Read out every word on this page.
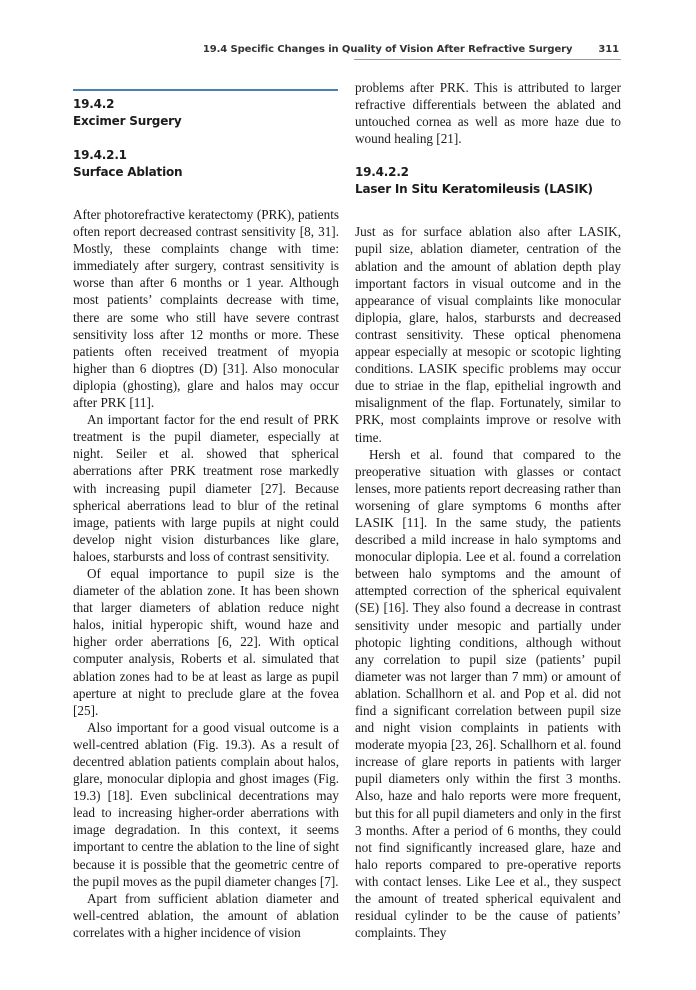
19.4 Specific Changes in Quality of Vision After Refractive Surgery	311
19.4.2
Excimer Surgery
19.4.2.1
Surface Ablation

After photorefractive keratectomy (PRK), patients often report decreased contrast sensitivity [8, 31]. Mostly, these complaints change with time: immediately after surgery, contrast sensitivity is worse than after 6 months or 1 year. Although most patients’ complaints decrease with time, there are some who still have severe contrast sensitivity loss after 12 months or more. These patients often received treatment of myopia higher than 6 dioptres (D) [31]. Also monocular diplopia (ghosting), glare and halos may occur after PRK [11].

An important factor for the end result of PRK treatment is the pupil diameter, especially at night. Seiler et al. showed that spherical aberrations after PRK treatment rose markedly with increasing pupil diameter [27]. Because spherical aberrations lead to blur of the retinal image, patients with large pupils at night could develop night vision disturbances like glare, haloes, starbursts and loss of contrast sensitivity.

Of equal importance to pupil size is the diameter of the ablation zone. It has been shown that larger diameters of ablation reduce night halos, initial hyperopic shift, wound haze and higher order aberrations [6, 22]. With optical computer analysis, Roberts et al. simulated that ablation zones had to be at least as large as pupil aperture at night to preclude glare at the fovea [25].

Also important for a good visual outcome is a well-centred ablation (Fig. 19.3). As a result of decentred ablation patients complain about halos, glare, monocular diplopia and ghost images (Fig. 19.3) [18]. Even subclinical decentrations may lead to increasing higher-order aberrations with image degradation. In this context, it seems important to centre the ablation to the line of sight because it is possible that the geometric centre of the pupil moves as the pupil diameter changes [7].

Apart from sufficient ablation diameter and well-centred ablation, the amount of ablation correlates with a higher incidence of vision

problems after PRK. This is attributed to larger refractive differentials between the ablated and untouched cornea as well as more haze due to wound healing [21].

19.4.2.2
Laser In Situ Keratomileusis (LASIK)

Just as for surface ablation also after LASIK, pupil size, ablation diameter, centration of the ablation and the amount of ablation depth play important factors in visual outcome and in the appearance of visual complaints like monocular diplopia, glare, halos, starbursts and decreased contrast sensitivity. These optical phenomena appear especially at mesopic or scotopic lighting conditions. LASIK specific problems may occur due to striae in the flap, epithelial ingrowth and misalignment of the flap. Fortunately, similar to PRK, most complaints improve or resolve with time.

Hersh et al. found that compared to the preoperative situation with glasses or contact lenses, more patients report decreasing rather than worsening of glare symptoms 6 months after LASIK [11]. In the same study, the patients described a mild increase in halo symptoms and monocular diplopia. Lee et al. found a correlation between halo symptoms and the amount of attempted correction of the spherical equivalent (SE) [16]. They also found a decrease in contrast sensitivity under mesopic and partially under photopic lighting conditions, although without any correlation to pupil size (patients’ pupil diameter was not larger than 7 mm) or amount of ablation. Schallhorn et al. and Pop et al. did not find a significant correlation between pupil size and night vision complaints in patients with moderate myopia [23, 26]. Schallhorn et al. found increase of glare reports in patients with larger pupil diameters only within the first 3 months. Also, haze and halo reports were more frequent, but this for all pupil diameters and only in the first 3 months. After a period of 6 months, they could not find significantly increased glare, haze and halo reports compared to pre-operative reports with contact lenses. Like Lee et al., they suspect the amount of treated spherical equivalent and residual cylinder to be the cause of patients’ complaints. They
